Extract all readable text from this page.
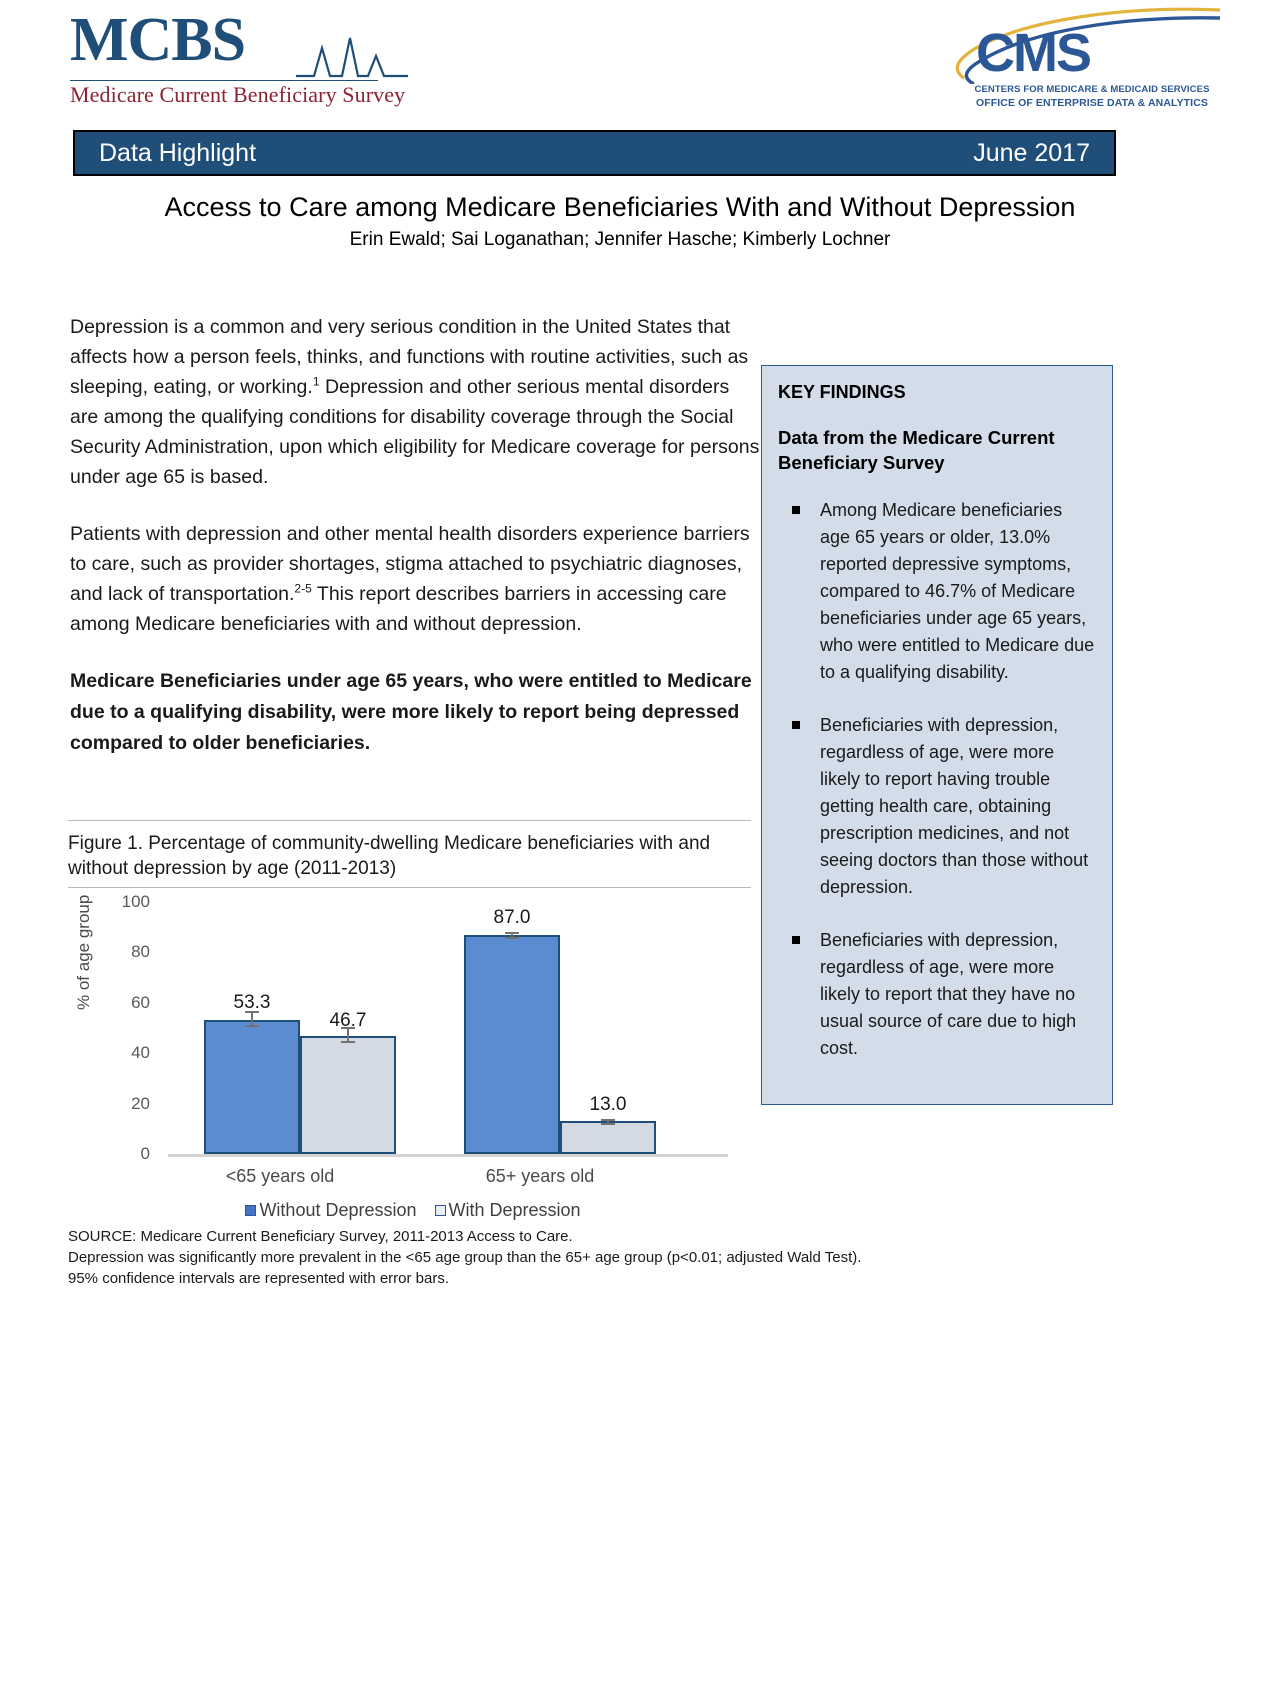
MCBS
Medicare Current Beneficiary Survey
CMS
CENTERS FOR MEDICARE & MEDICAID SERVICES
OFFICE OF ENTERPRISE DATA & ANALYTICS
Data Highlight	June 2017
Access to Care among Medicare Beneficiaries With and Without Depression
Erin Ewald; Sai Loganathan; Jennifer Hasche; Kimberly Lochner

Depression is a common and very serious condition in the United States that affects how a person feels, thinks, and functions with routine activities, such as sleeping, eating, or working.$^1$ Depression and other serious mental disorders are among the qualifying conditions for disability coverage through the Social Security Administration, upon which eligibility for Medicare coverage for persons under age 65 is based.

Patients with depression and other mental health disorders experience barriers to care, such as provider shortages, stigma attached to psychiatric diagnoses, and lack of transportation.$^{2-5}$ This report describes barriers in accessing care among Medicare beneficiaries with and without depression.

Medicare Beneficiaries under age 65 years, who were entitled to Medicare due to a qualifying disability, were more likely to report being depressed compared to older beneficiaries.

KEY FINDINGS
Data from the Medicare Current Beneficiary Survey
Among Medicare beneficiaries age 65 years or older, 13.0% reported depressive symptoms, compared to 46.7% of Medicare beneficiaries under age 65 years, who were entitled to Medicare due to a qualifying disability.
Beneficiaries with depression, regardless of age, were more likely to report having trouble getting health care, obtaining prescription medicines, and not seeing doctors than those without depression.
Beneficiaries with depression, regardless of age, were more likely to report that they have no usual source of care due to high cost.
Figure 1. Percentage of community-dwelling Medicare beneficiaries with and without depression by age (2011-2013)
% of age group 100
80
60
40
20
0
53.3
46.7
87.0
13.0
<65 years old	65+ years old
Without Depression With Depression
SOURCE: Medicare Current Beneficiary Survey, 2011-2013 Access to Care.
Depression was significantly more prevalent in the <65 age group than the 65+ age group (p<0.01; adjusted Wald Test).
95% confidence intervals are represented with error bars.
